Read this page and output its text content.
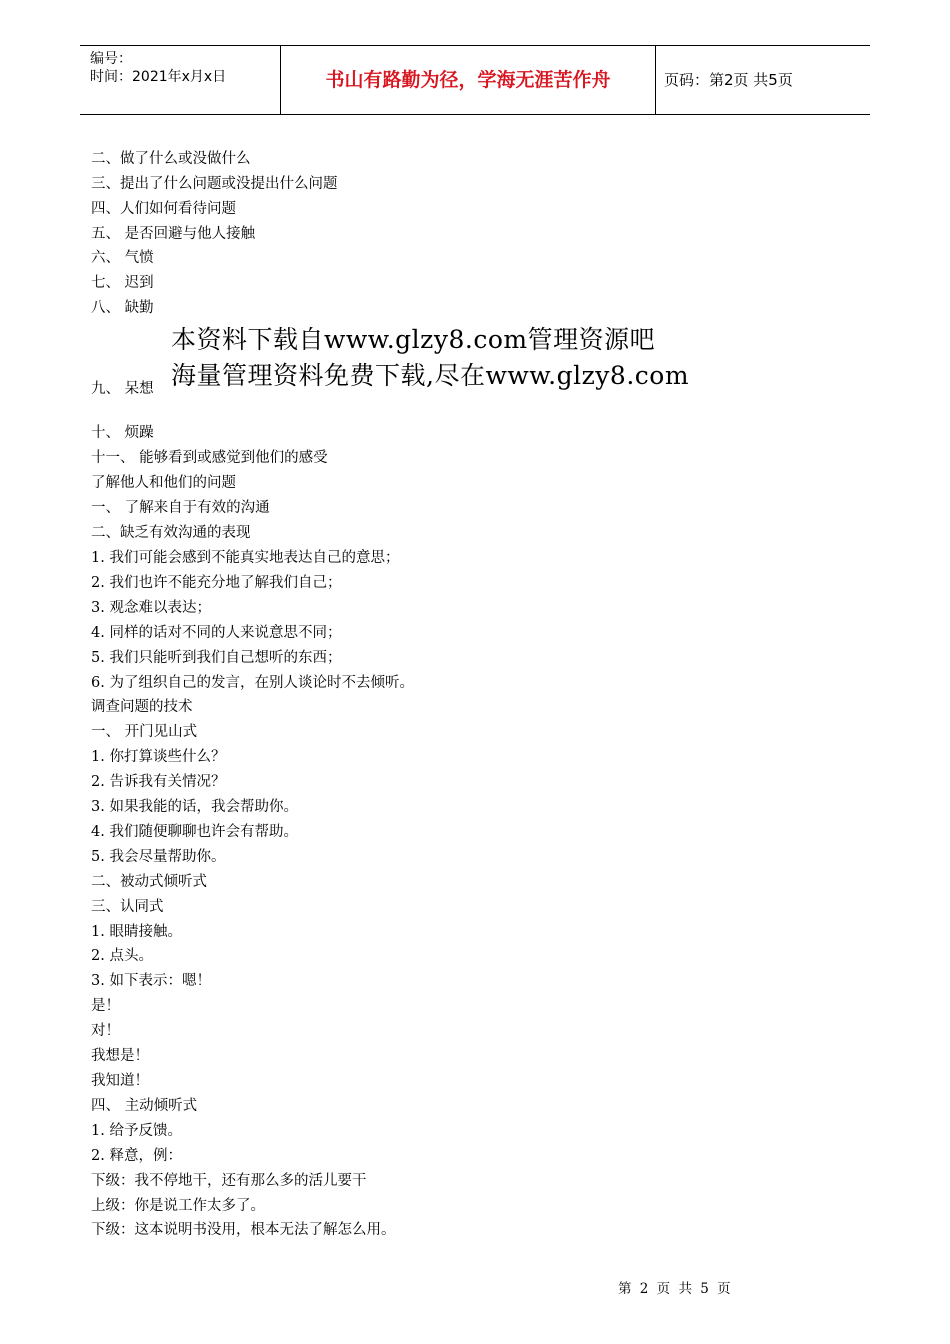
编号：
时间：2021年x月x日	书山有路勤为径，学海无涯苦作舟	页码：第2页 共5页
二、做了什么或没做什么
三、提出了什么问题或没提出什么问题
四、人们如何看待问题
五、 是否回避与他人接触
六、 气愤
七、 迟到
八、 缺勤
本资料下载自www.glzy8.com管理资源吧
九、 呆想 海量管理资料免费下载,尽在www.glzy8.com
十、 烦躁
十一、 能够看到或感觉到他们的感受
了解他人和他们的问题
一、 了解来自于有效的沟通
二、缺乏有效沟通的表现
1. 我们可能会感到不能真实地表达自己的意思；
2. 我们也许不能充分地了解我们自己；
3. 观念难以表达；
4. 同样的话对不同的人来说意思不同；
5. 我们只能听到我们自己想听的东西；
6. 为了组织自己的发言，在别人谈论时不去倾听。
调查问题的技术
一、 开门见山式
1. 你打算谈些什么？
2. 告诉我有关情况？
3. 如果我能的话，我会帮助你。
4. 我们随便聊聊也许会有帮助。
5. 我会尽量帮助你。
二、被动式倾听式
三、认同式
1. 眼睛接触。
2. 点头。
3. 如下表示：嗯！
是！
对！
我想是！
我知道！
四、 主动倾听式
1. 给予反馈。
2. 释意，例：
下级：我不停地干，还有那么多的活儿要干
上级：你是说工作太多了。
下级：这本说明书没用，根本无法了解怎么用。
第 2 页 共 5 页
